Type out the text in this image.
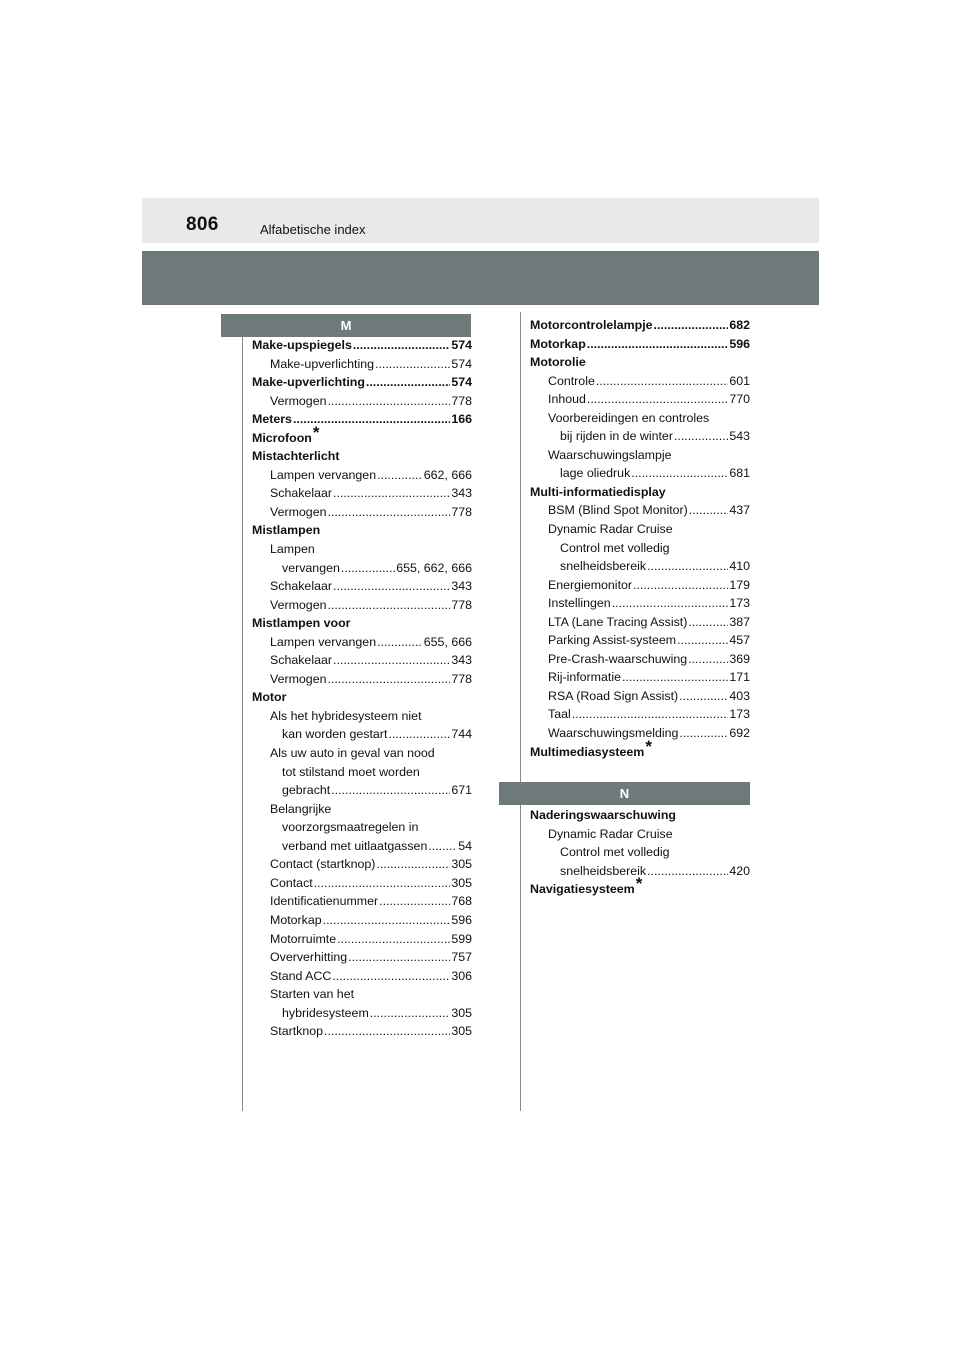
806	Alfabetische index
M
Make-upspiegels .....	574
Make-upverlichting .....	574
Make-upverlichting .....	574
Vermogen .....	778
Meters .....	166
Microfoon *
Mistachterlicht
Lampen vervangen .....	662, 666
Schakelaar .....	343
Vermogen .....	778
Mistlampen
Lampen
vervangen .....	655, 662, 666
Schakelaar .....	343
Vermogen .....	778
Mistlampen voor
Lampen vervangen .....	655, 666
Schakelaar .....	343
Vermogen .....	778
Motor
Als het hybridesysteem niet
kan worden gestart .....	744
Als uw auto in geval van nood
tot stilstand moet worden
gebracht .....	671
Belangrijke
voorzorgsmaatregelen in
verband met uitlaatgassen ..... 54
Contact (startknop) .....	305
Contact .....	305
Identificatienummer .....	768
Motorkap .....	596
Motorruimte .....	599
Oververhitting .....	757
Stand ACC .....	306
Starten van het
hybridesysteem .....	305
Startknop .....	305
Motorcontrolelampje .....	682
Motorkap .....	596
Motorolie
Controle .....	601
Inhoud .....	770
Voorbereidingen en controles
bij rijden in de winter .....	543
Waarschuwingslampje
lage oliedruk .....	681
Multi-informatiedisplay
BSM (Blind Spot Monitor) .....	437
Dynamic Radar Cruise
Control met volledig
snelheidsbereik .....	410
Energiemonitor .....	179
Instellingen .....	173
LTA (Lane Tracing Assist) .....	387
Parking Assist-systeem .....	457
Pre-Crash-waarschuwing .....	369
Rij-informatie .....	171
RSA (Road Sign Assist) .....	403
Taal .....	173
Waarschuwingsmelding .....	692
Multimediasysteem *
N
Naderingswaarschuwing
Dynamic Radar Cruise
Control met volledig
snelheidsbereik .....	420
Navigatiesysteem *
